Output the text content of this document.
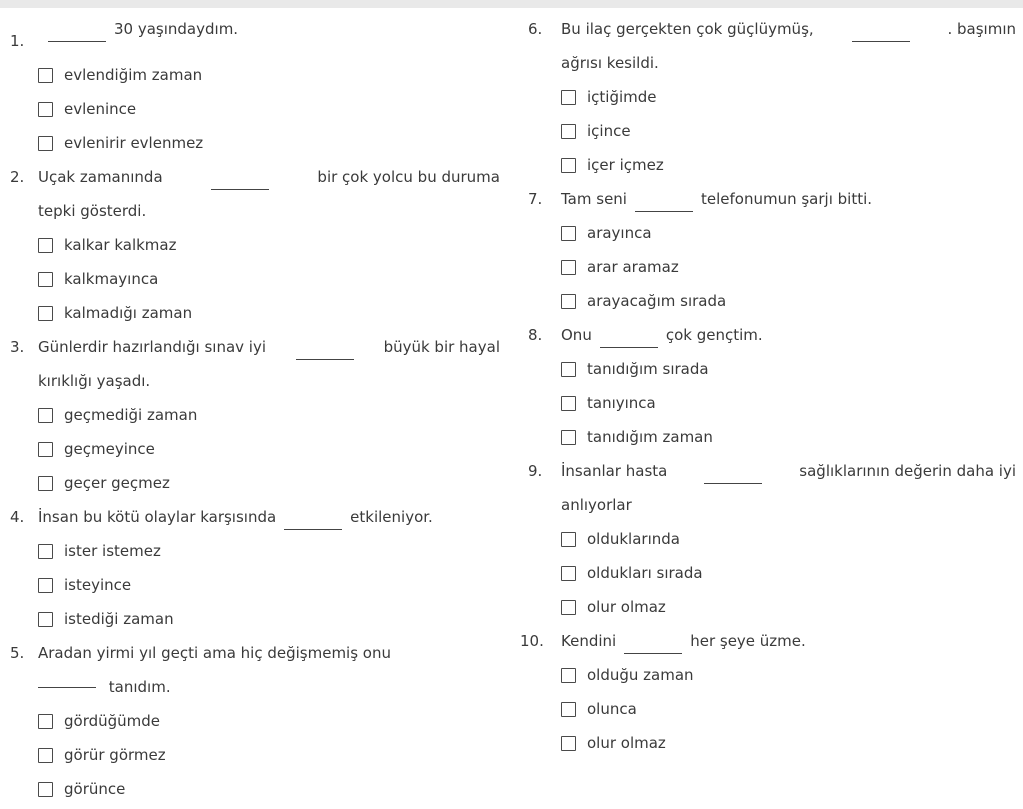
1.
30 yaşındaydım.
evlendiğim zaman
evlenince
evlenirir evlenmez
2. Uçak zamanında	bir çok yolcu bu duruma
tepki gösterdi.
kalkar kalkmaz
kalkmayınca
kalmadığı zaman
3. Günlerdir hazırlandığı sınav iyi	büyük bir hayal
kırıklığı yaşadı.
geçmediği zaman
geçmeyince
geçer geçmez
4. İnsan bu kötü olaylar karşısında	etkileniyor.
ister istemez
isteyince
istediği zaman
5. Aradan yirmi yıl geçti ama hiç değişmemiş onu
tanıdım.
gördüğümde
görür görmez
görünce
6.	Bu ilaç gerçekten çok güçlüymüş,	. başımın
ağrısı kesildi.
içtiğimde
içince
içer içmez
7.	Tam seni	telefonumun şarjı bitti.
arayınca
arar aramaz
arayacağım sırada
8.	Onu	çok gençtim.
tanıdığım sırada
tanıyınca
tanıdığım zaman
9.	İnsanlar hasta	sağlıklarının değerin daha iyi
anlıyorlar
olduklarında
oldukları sırada
olur olmaz
10.	Kendini	her şeye üzme.
olduğu zaman
olunca
olur olmaz
